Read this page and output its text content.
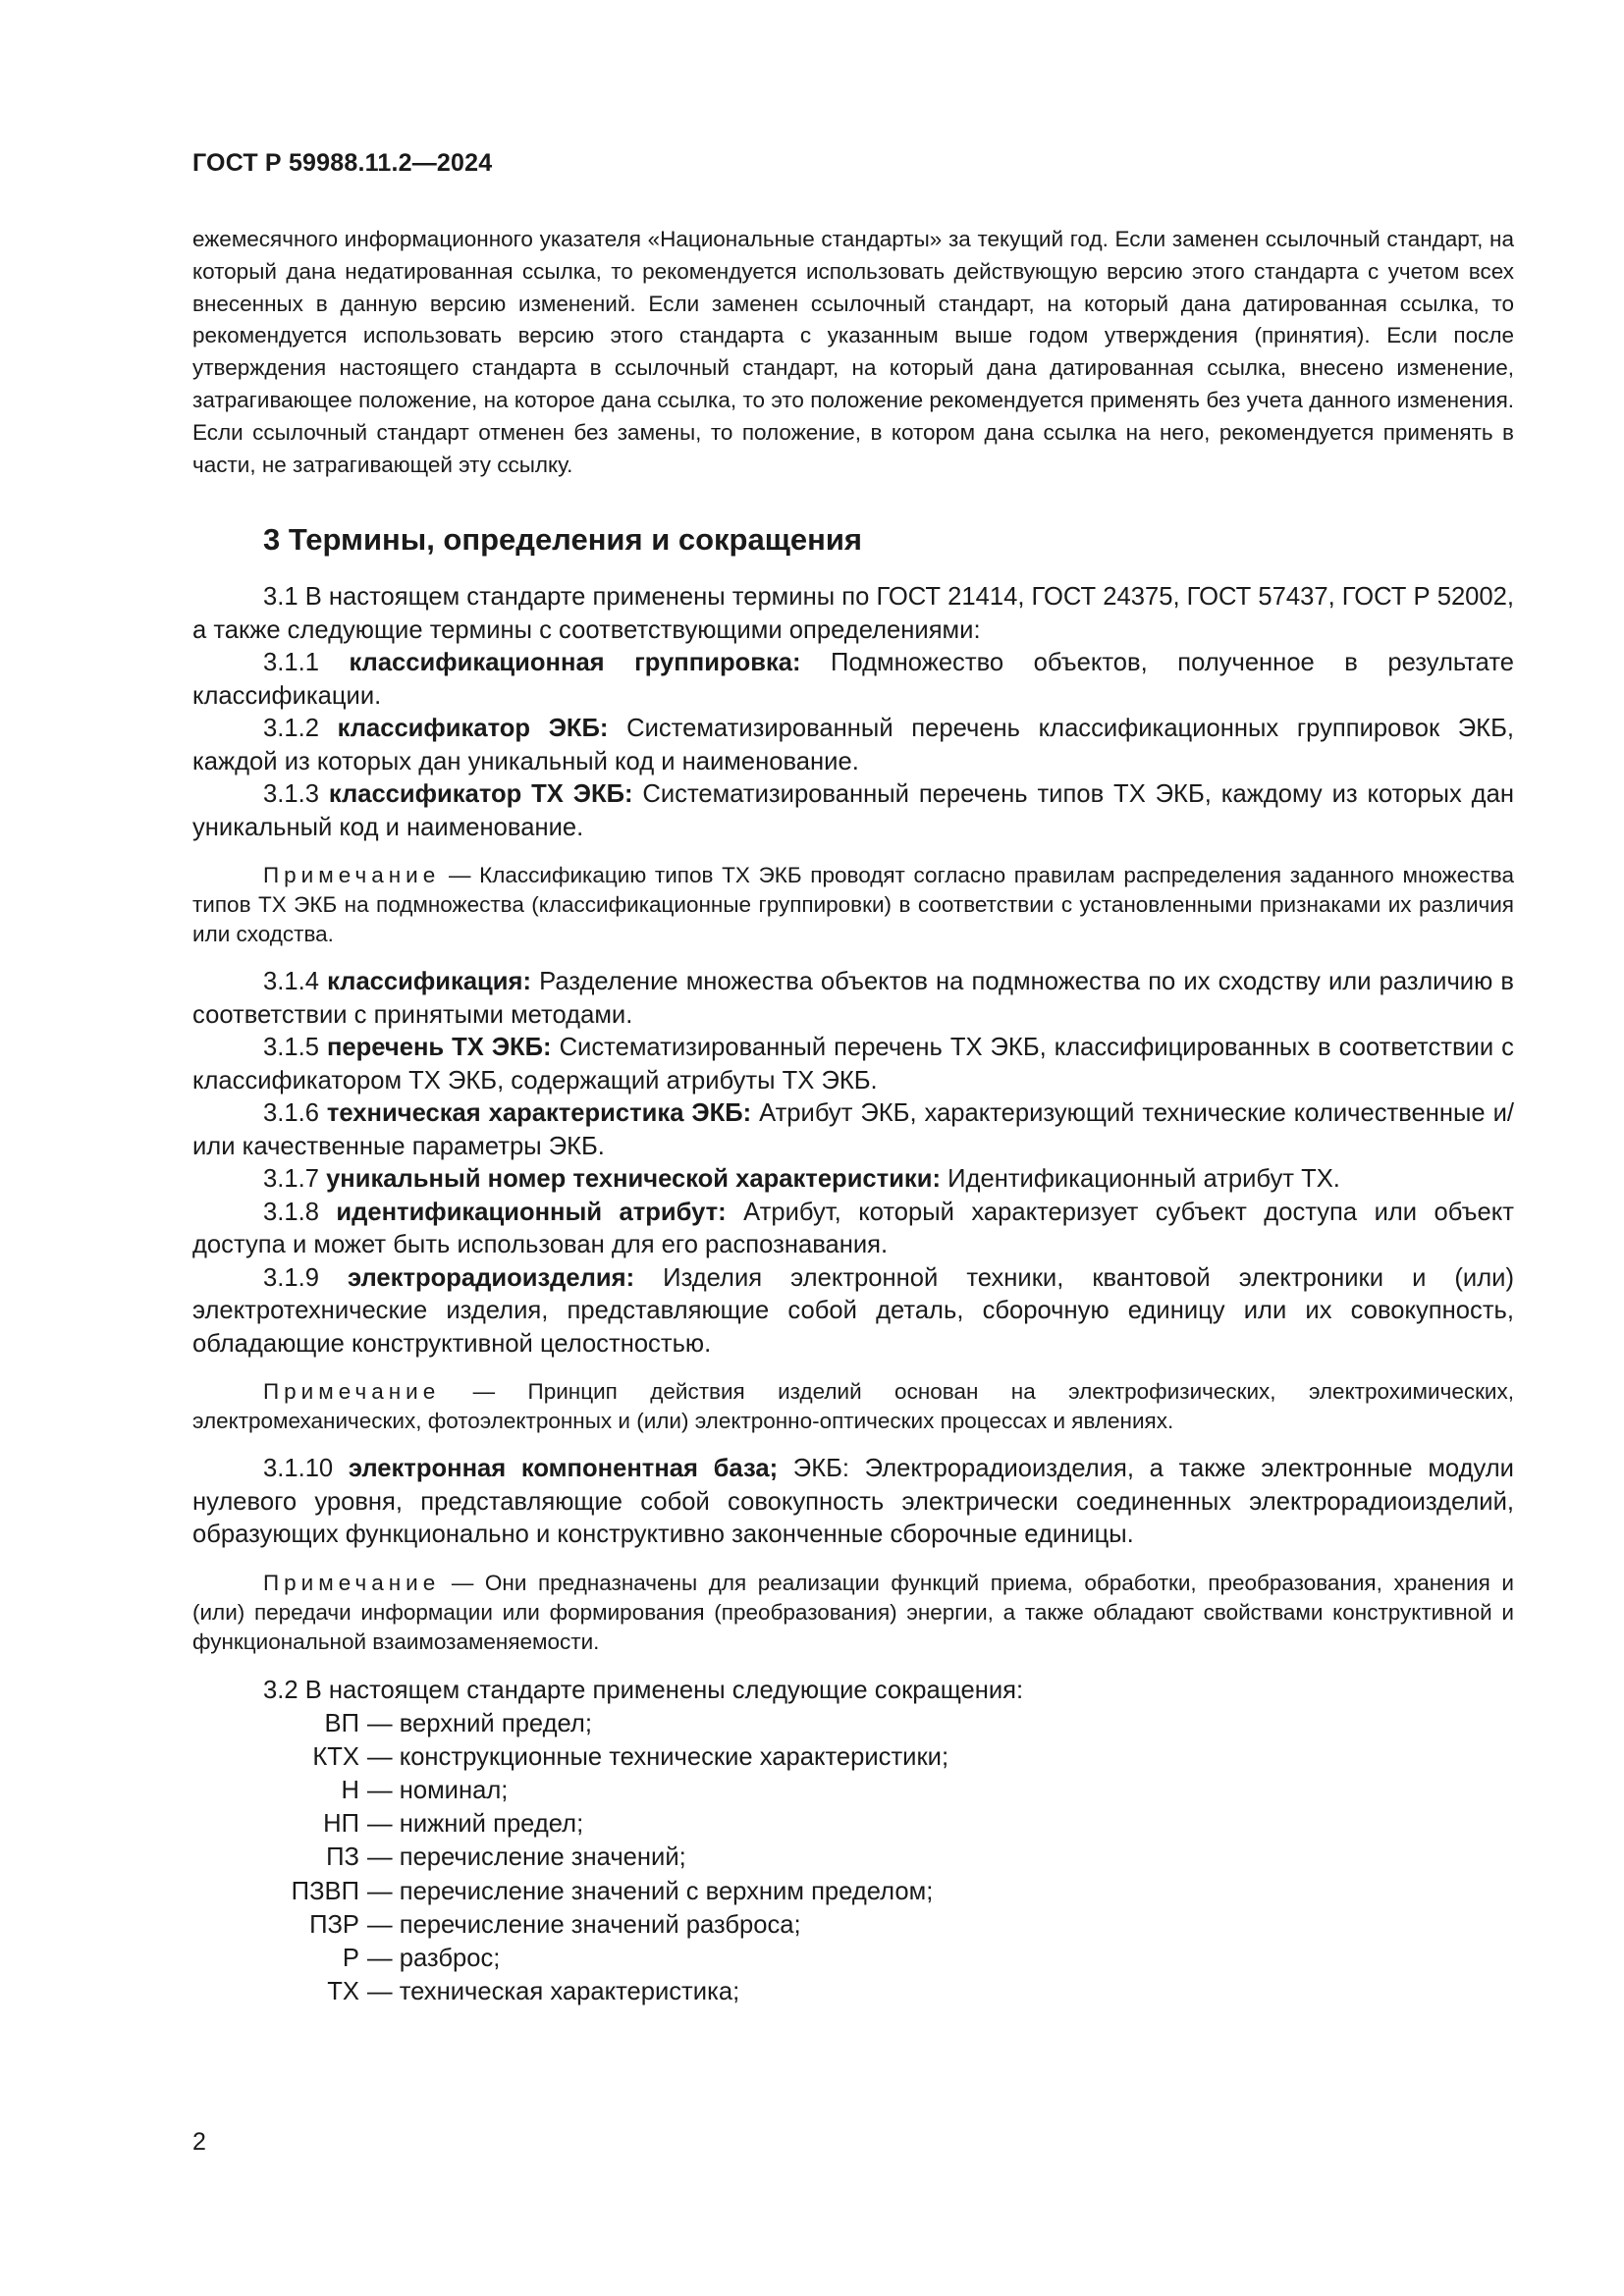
ГОСТ Р 59988.11.2—2024

ежемесячного информационного указателя «Национальные стандарты» за текущий год. Если заменен ссылочный стандарт, на который дана недатированная ссылка, то рекомендуется использовать действующую версию этого стандарта с учетом всех внесенных в данную версию изменений. Если заменен ссылочный стандарт, на который дана датированная ссылка, то рекомендуется использовать версию этого стандарта с указанным выше годом утверждения (принятия). Если после утверждения настоящего стандарта в ссылочный стандарт, на который дана датированная ссылка, внесено изменение, затрагивающее положение, на которое дана ссылка, то это положение рекомендуется применять без учета данного изменения. Если ссылочный стандарт отменен без замены, то положение, в котором дана ссылка на него, рекомендуется применять в части, не затрагивающей эту ссылку.

3 Термины, определения и сокращения

3.1 В настоящем стандарте применены термины по ГОСТ 21414, ГОСТ 24375, ГОСТ 57437, ГОСТ Р 52002, а также следующие термины с соответствующими определениями:

3.1.1 классификационная группировка: Подмножество объектов, полученное в результате классификации.

3.1.2 классификатор ЭКБ: Систематизированный перечень классификационных группировок ЭКБ, каждой из которых дан уникальный код и наименование.

3.1.3 классификатор ТХ ЭКБ: Систематизированный перечень типов ТХ ЭКБ, каждому из которых дан уникальный код и наименование.

Примечание — Классификацию типов ТХ ЭКБ проводят согласно правилам распределения заданного множества типов ТХ ЭКБ на подмножества (классификационные группировки) в соответствии с установленными признаками их различия или сходства.

3.1.4 классификация: Разделение множества объектов на подмножества по их сходству или различию в соответствии с принятыми методами.

3.1.5 перечень ТХ ЭКБ: Систематизированный перечень ТХ ЭКБ, классифицированных в соответствии с классификатором ТХ ЭКБ, содержащий атрибуты ТХ ЭКБ.

3.1.6 техническая характеристика ЭКБ: Атрибут ЭКБ, характеризующий технические количественные и/или качественные параметры ЭКБ.

3.1.7 уникальный номер технической характеристики: Идентификационный атрибут ТХ.

3.1.8 идентификационный атрибут: Атрибут, который характеризует субъект доступа или объект доступа и может быть использован для его распознавания.

3.1.9 электрорадиоизделия: Изделия электронной техники, квантовой электроники и (или) электротехнические изделия, представляющие собой деталь, сборочную единицу или их совокупность, обладающие конструктивной целостностью.

Примечание — Принцип действия изделий основан на электрофизических, электрохимических, электромеханических, фотоэлектронных и (или) электронно-оптических процессах и явлениях.

3.1.10 электронная компонентная база; ЭКБ: Электрорадиоизделия, а также электронные модули нулевого уровня, представляющие собой совокупность электрически соединенных электрорадиоизделий, образующих функционально и конструктивно законченные сборочные единицы.

Примечание — Они предназначены для реализации функций приема, обработки, преобразования, хранения и (или) передачи информации или формирования (преобразования) энергии, а также обладают свойствами конструктивной и функциональной взаимозаменяемости.

3.2 В настоящем стандарте применены следующие сокращения:

ВП — верхний предел;
КТХ — конструкционные технические характеристики;
Н — номинал;
НП — нижний предел;
ПЗ — перечисление значений;
ПЗВП — перечисление значений с верхним пределом;
ПЗР — перечисление значений разброса;
Р — разброс;
ТХ — техническая характеристика;
2
